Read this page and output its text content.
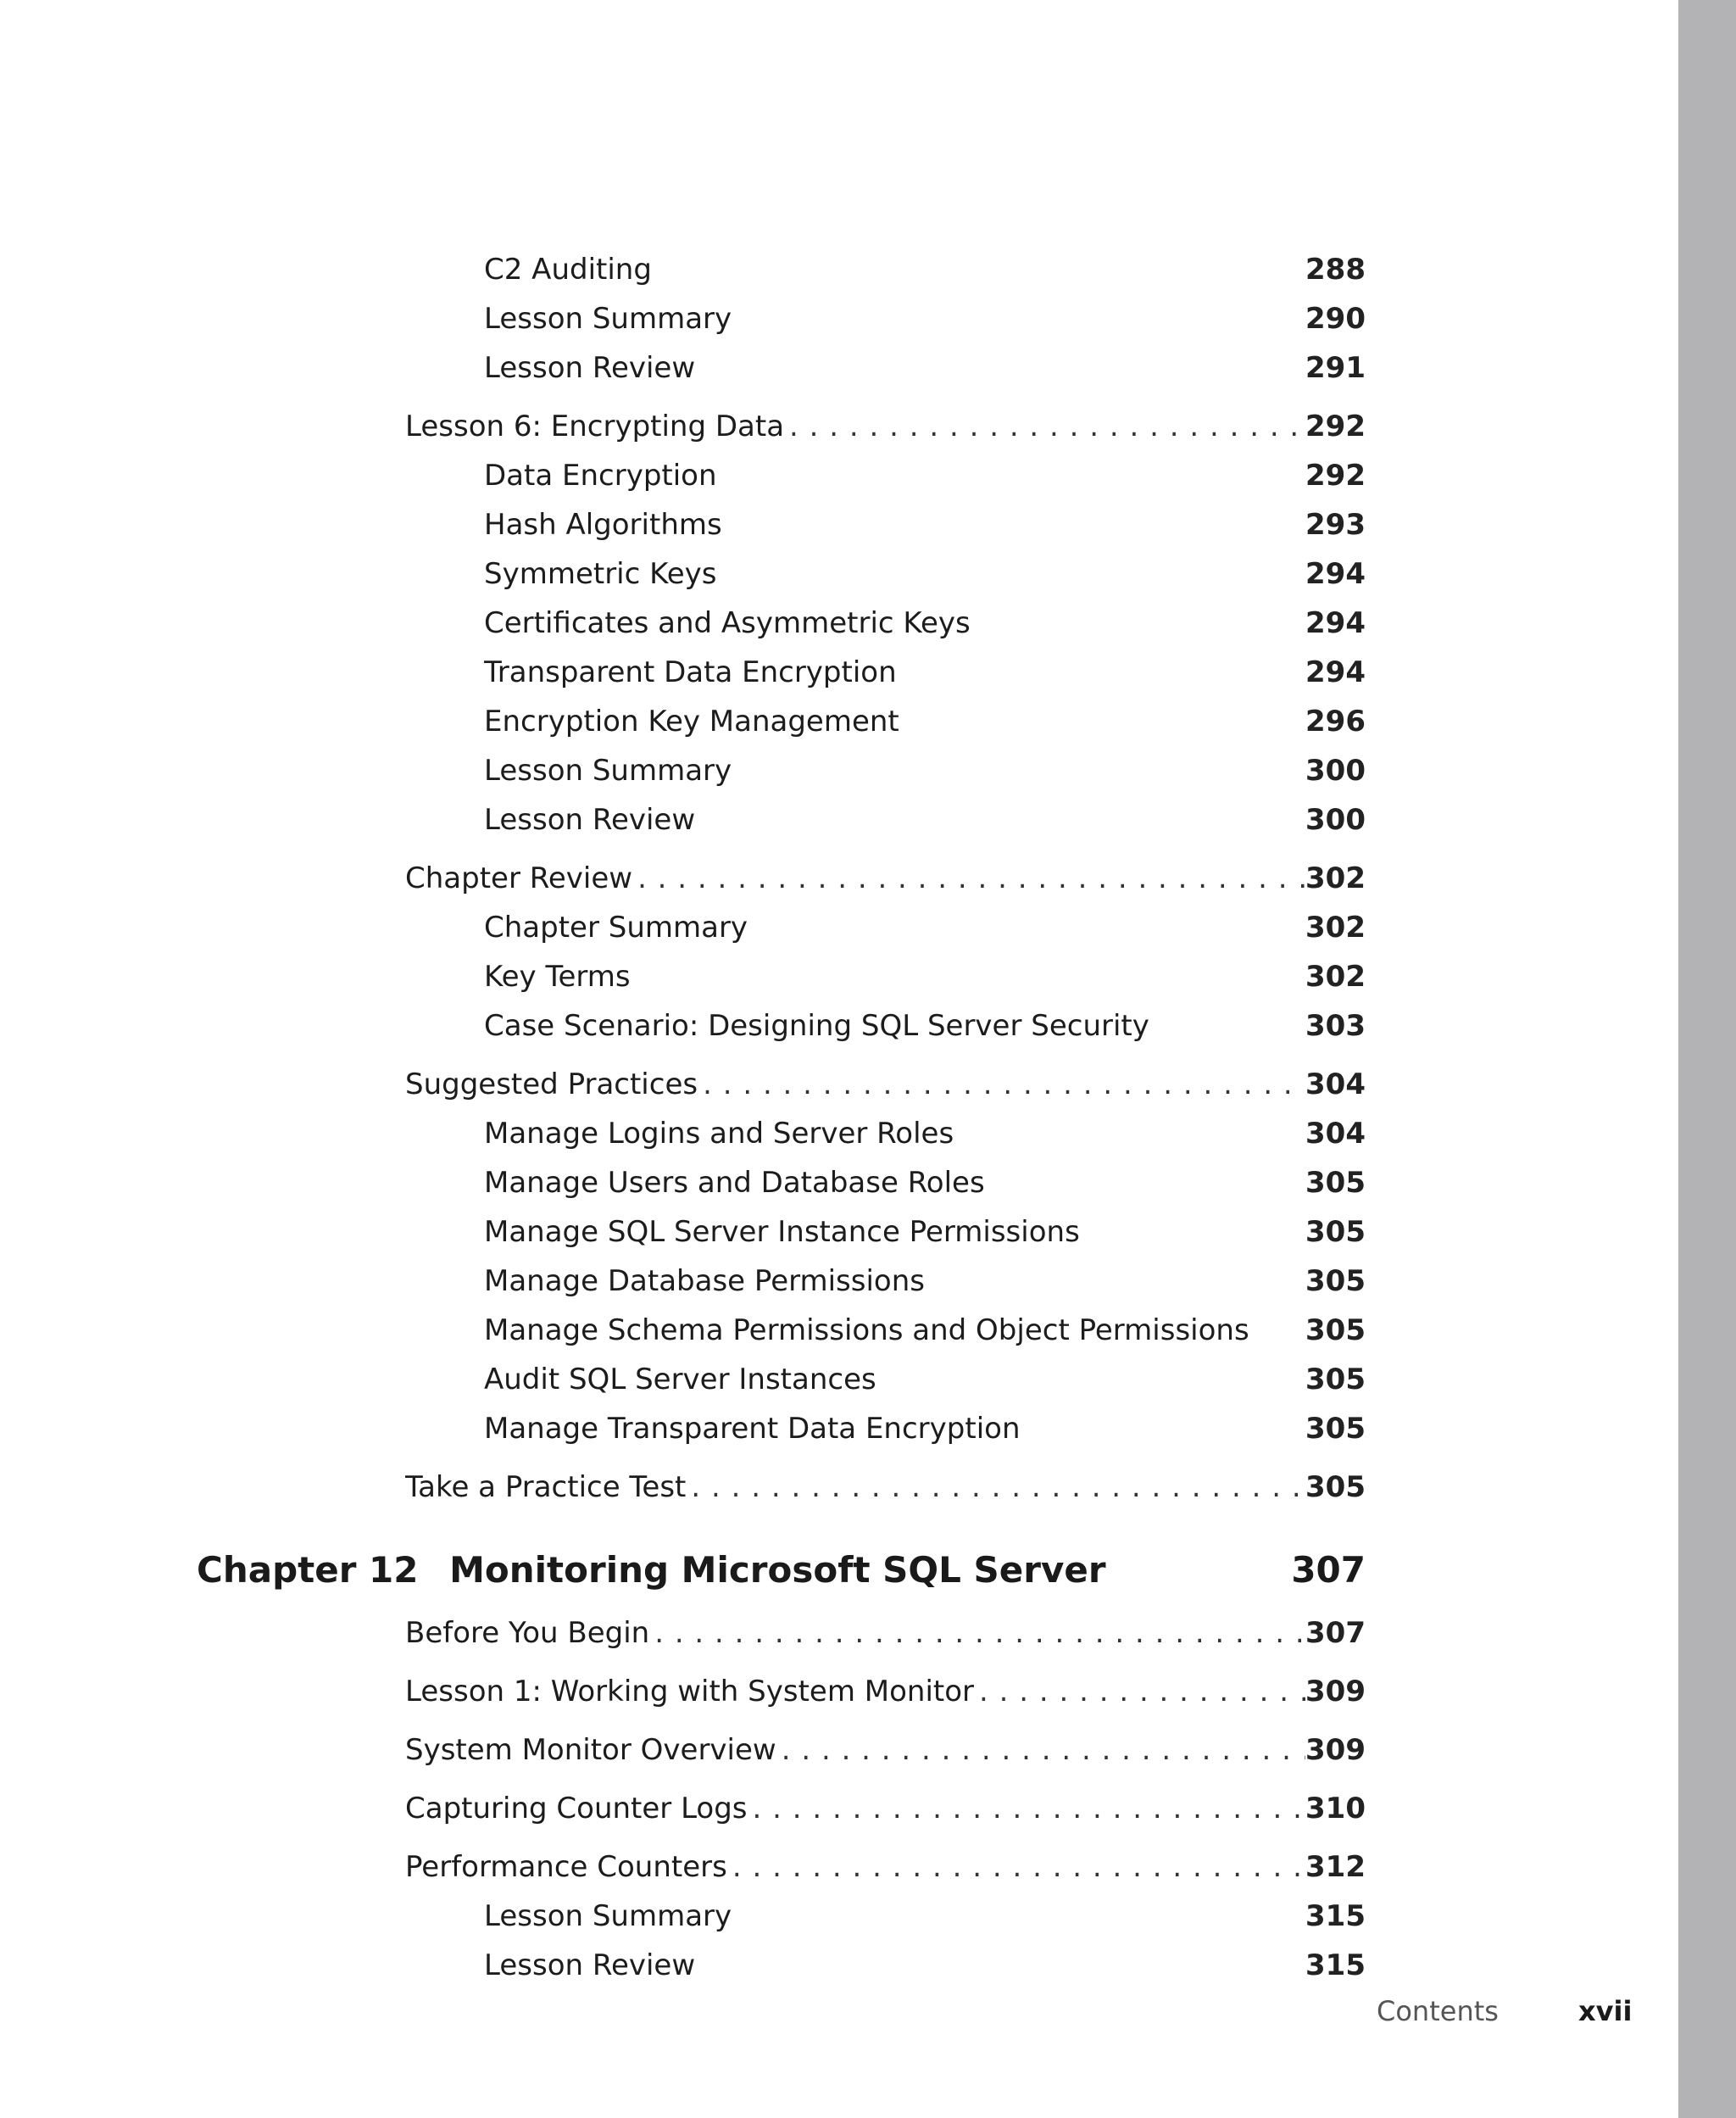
C2 Auditing	288
Lesson Summary	290
Lesson Review	291
Lesson 6: Encrypting Data . . .	292
Data Encryption	292
Hash Algorithms	293
Symmetric Keys	294
Certificates and Asymmetric Keys	294
Transparent Data Encryption	294
Encryption Key Management	296
Lesson Summary	300
Lesson Review	300
Chapter Review . . .	302
Chapter Summary	302
Key Terms	302
Case Scenario: Designing SQL Server Security	303
Suggested Practices . . .	304
Manage Logins and Server Roles	304
Manage Users and Database Roles	305
Manage SQL Server Instance Permissions	305
Manage Database Permissions	305
Manage Schema Permissions and Object Permissions 305
Audit SQL Server Instances	305
Manage Transparent Data Encryption	305
Take a Practice Test . . .	305
Chapter 12 Monitoring Microsoft SQL Server	307
Before You Begin . . .	307
Lesson 1: Working with System Monitor . . .	309
System Monitor Overview . . .	309
Capturing Counter Logs . . .	310
Performance Counters . . .	312
Lesson Summary	315
Lesson Review	315
Contents	xvii
